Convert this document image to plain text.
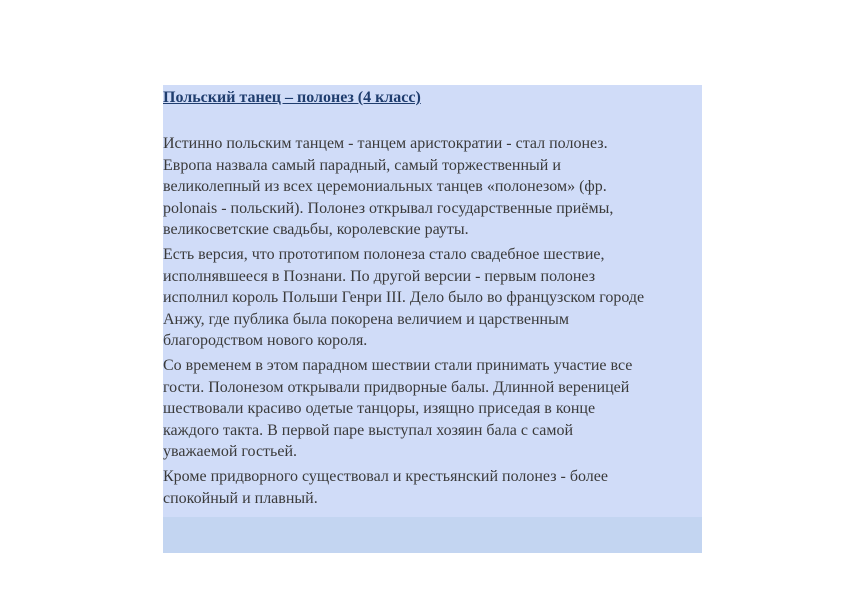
Польский танец – полонез (4 класс)

Истинно польским танцем - танцем аристократии - стал полонез.
Европа назвала самый парадный, самый торжественный и
великолепный из всех церемониальных танцев «полонезом» (фр.
polonais - польский). Полонез открывал государственные приёмы,
великосветские свадьбы, королевские рауты.
Есть версия, что прототипом полонеза стало свадебное шествие,
исполнявшееся в Познани. По другой версии - первым полонез
исполнил король Польши Генри III. Дело было во французском городе
Анжу, где публика была покорена величием и царственным
благородством нового короля.
Со временем в этом парадном шествии стали принимать участие все
гости. Полонезом открывали придворные балы. Длинной вереницей
шествовали красиво одетые танцоры, изящно приседая в конце
каждого такта. В первой паре выступал хозяин бала с самой
уважаемой гостьей.
Кроме придворного существовал и крестьянский полонез - более
спокойный и плавный.
